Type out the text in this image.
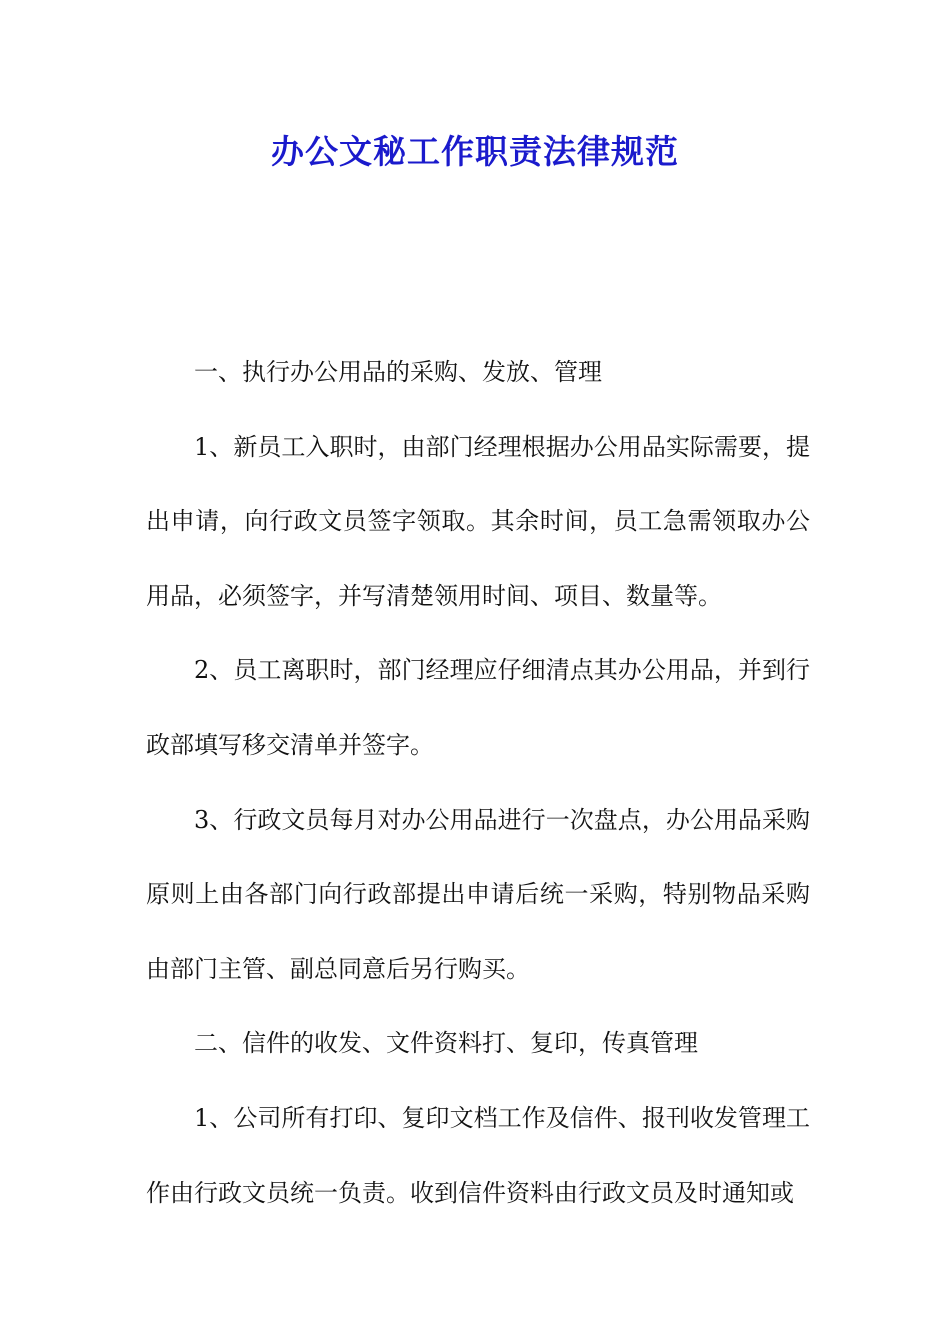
办公文秘工作职责法律规范

一、执行办公用品的采购、发放、管理

1、新员工入职时，由部门经理根据办公用品实际需要，提出申请，向行政文员签字领取。其余时间，员工急需领取办公用品，必须签字，并写清楚领用时间、项目、数量等。

2、员工离职时，部门经理应仔细清点其办公用品，并到行政部填写移交清单并签字。

3、行政文员每月对办公用品进行一次盘点，办公用品采购原则上由各部门向行政部提出申请后统一采购，特别物品采购由部门主管、副总同意后另行购买。

二、信件的收发、文件资料打、复印，传真管理

1、公司所有打印、复印文档工作及信件、报刊收发管理工作由行政文员统一负责。收到信件资料由行政文员及时通知或
